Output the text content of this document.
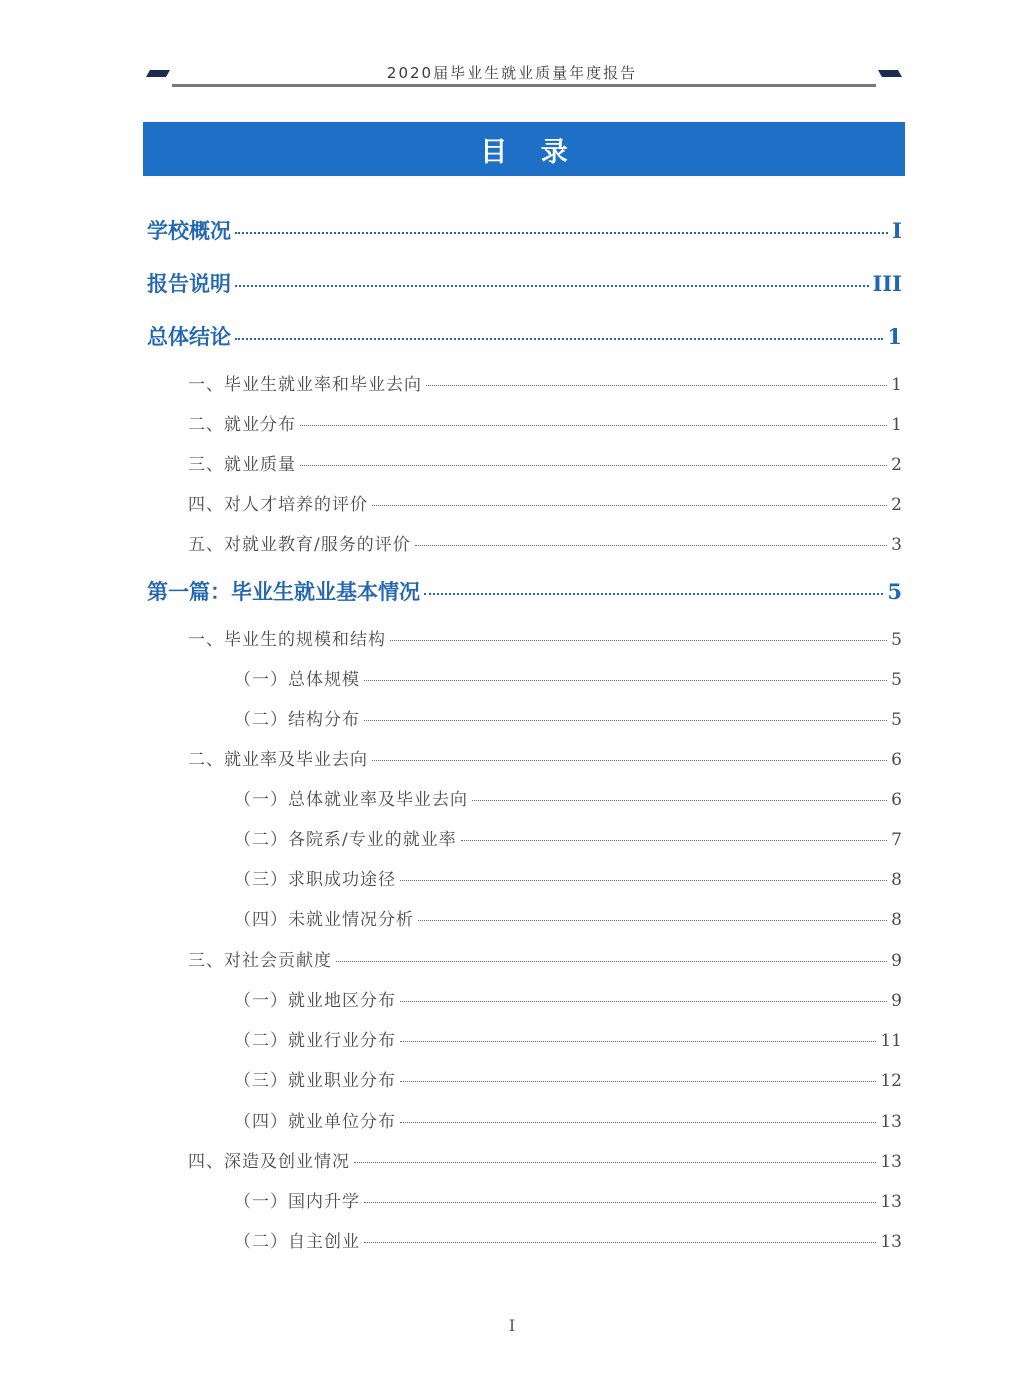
2020届毕业生就业质量年度报告
目 录
学校概况	I
报告说明	III
总体结论	1
一、毕业生就业率和毕业去向	1
二、就业分布	1
三、就业质量	2
四、对人才培养的评价	2
五、对就业教育/服务的评价	3
第一篇：毕业生就业基本情况	5
一、毕业生的规模和结构	5
（一）总体规模	5
（二）结构分布	5
二、就业率及毕业去向	6
（一）总体就业率及毕业去向	6
（二）各院系/专业的就业率	7
（三）求职成功途径	8
（四）未就业情况分析	8
三、对社会贡献度	9
（一）就业地区分布	9
（二）就业行业分布	11
（三）就业职业分布	12
（四）就业单位分布	13
四、深造及创业情况	13
（一）国内升学	13
（二）自主创业	13
I
